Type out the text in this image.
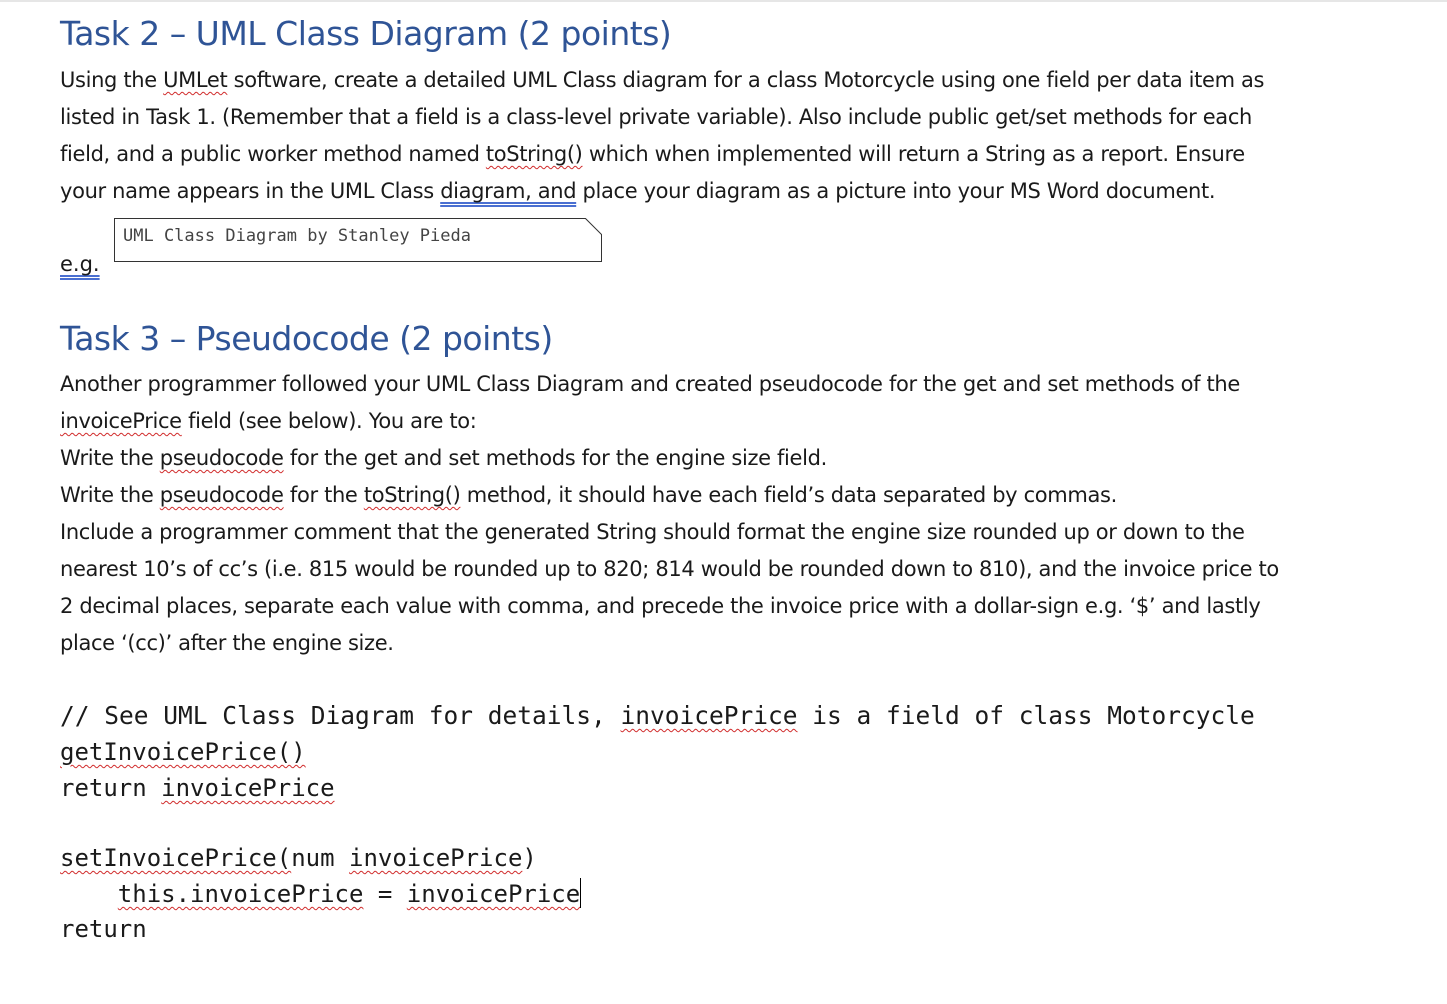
Task 2 – UML Class Diagram (2 points)
Using the UMLet software, create a detailed UML Class diagram for a class Motorcycle using one field per data item as
listed in Task 1. (Remember that a field is a class-level private variable). Also include public get/set methods for each
field, and a public worker method named toString() which when implemented will return a String as a report. Ensure
your name appears in the UML Class diagram, and place your diagram as a picture into your MS Word document.
e.g.
UML Class Diagram by Stanley Pieda
Task 3 – Pseudocode (2 points)
Another programmer followed your UML Class Diagram and created pseudocode for the get and set methods of the
invoicePrice field (see below). You are to:
Write the pseudocode for the get and set methods for the engine size field.
Write the pseudocode for the toString() method, it should have each field’s data separated by commas.
Include a programmer comment that the generated String should format the engine size rounded up or down to the
nearest 10’s of cc’s (i.e. 815 would be rounded up to 820; 814 would be rounded down to 810), and the invoice price to
2 decimal places, separate each value with comma, and precede the invoice price with a dollar-sign e.g. ‘$’ and lastly
place ‘(cc)’ after the engine size.
// See UML Class Diagram for details, invoicePrice is a field of class Motorcycle
getInvoicePrice()
return invoicePrice
setInvoicePrice(num invoicePrice)
this.invoicePrice = invoicePrice
return
